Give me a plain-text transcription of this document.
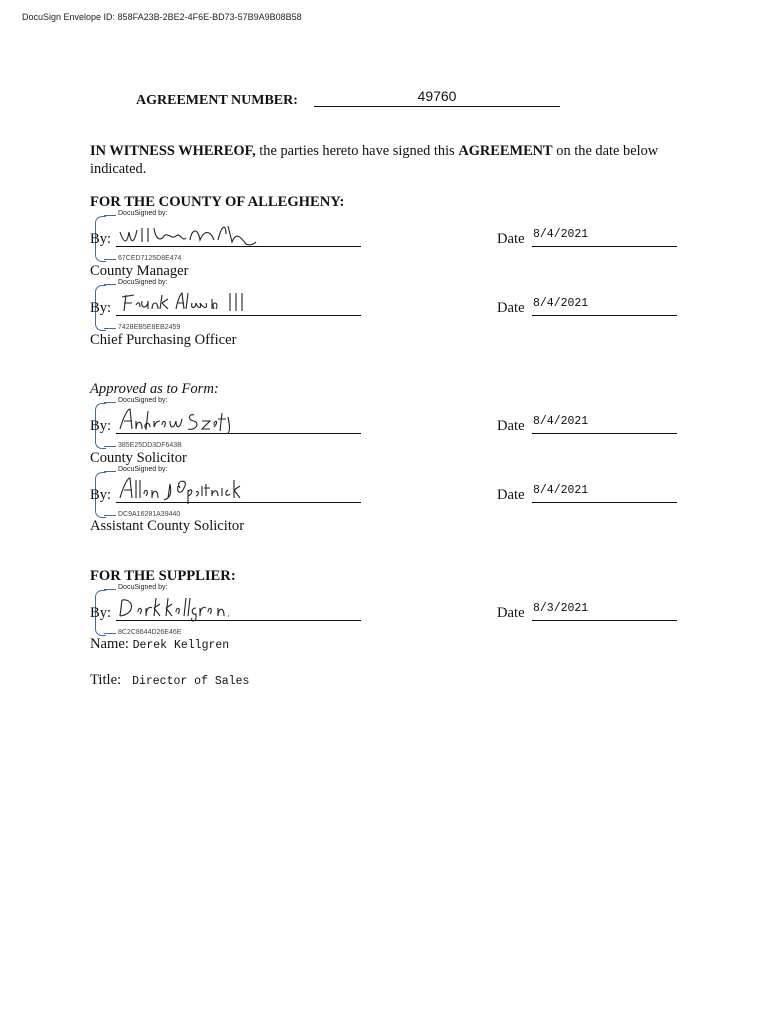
DocuSign Envelope ID: 858FA23B-2BE2-4F6E-BD73-57B9A9B08B58
AGREEMENT NUMBER:	49760
IN WITNESS WHEREOF, the parties hereto have signed this AGREEMENT on the date below indicated.
FOR THE COUNTY OF ALLEGHENY:
DocuSigned by:
By:
67CED7125D8E474
Date 8/4/2021
County Manager
DocuSigned by:
By:
7428EB5E8EB2459
Date 8/4/2021
Chief Purchasing Officer
Approved as to Form:
DocuSigned by:
By:
385E25DD3DF643B
Date 8/4/2021
County Solicitor
DocuSigned by:
By:
DC9A16281A39440
Date 8/4/2021
Assistant County Solicitor
FOR THE SUPPLIER:
DocuSigned by:
By:
8C2C8644D26E46E
Date 8/3/2021
Name: Derek Kellgren
Title: Director of Sales
